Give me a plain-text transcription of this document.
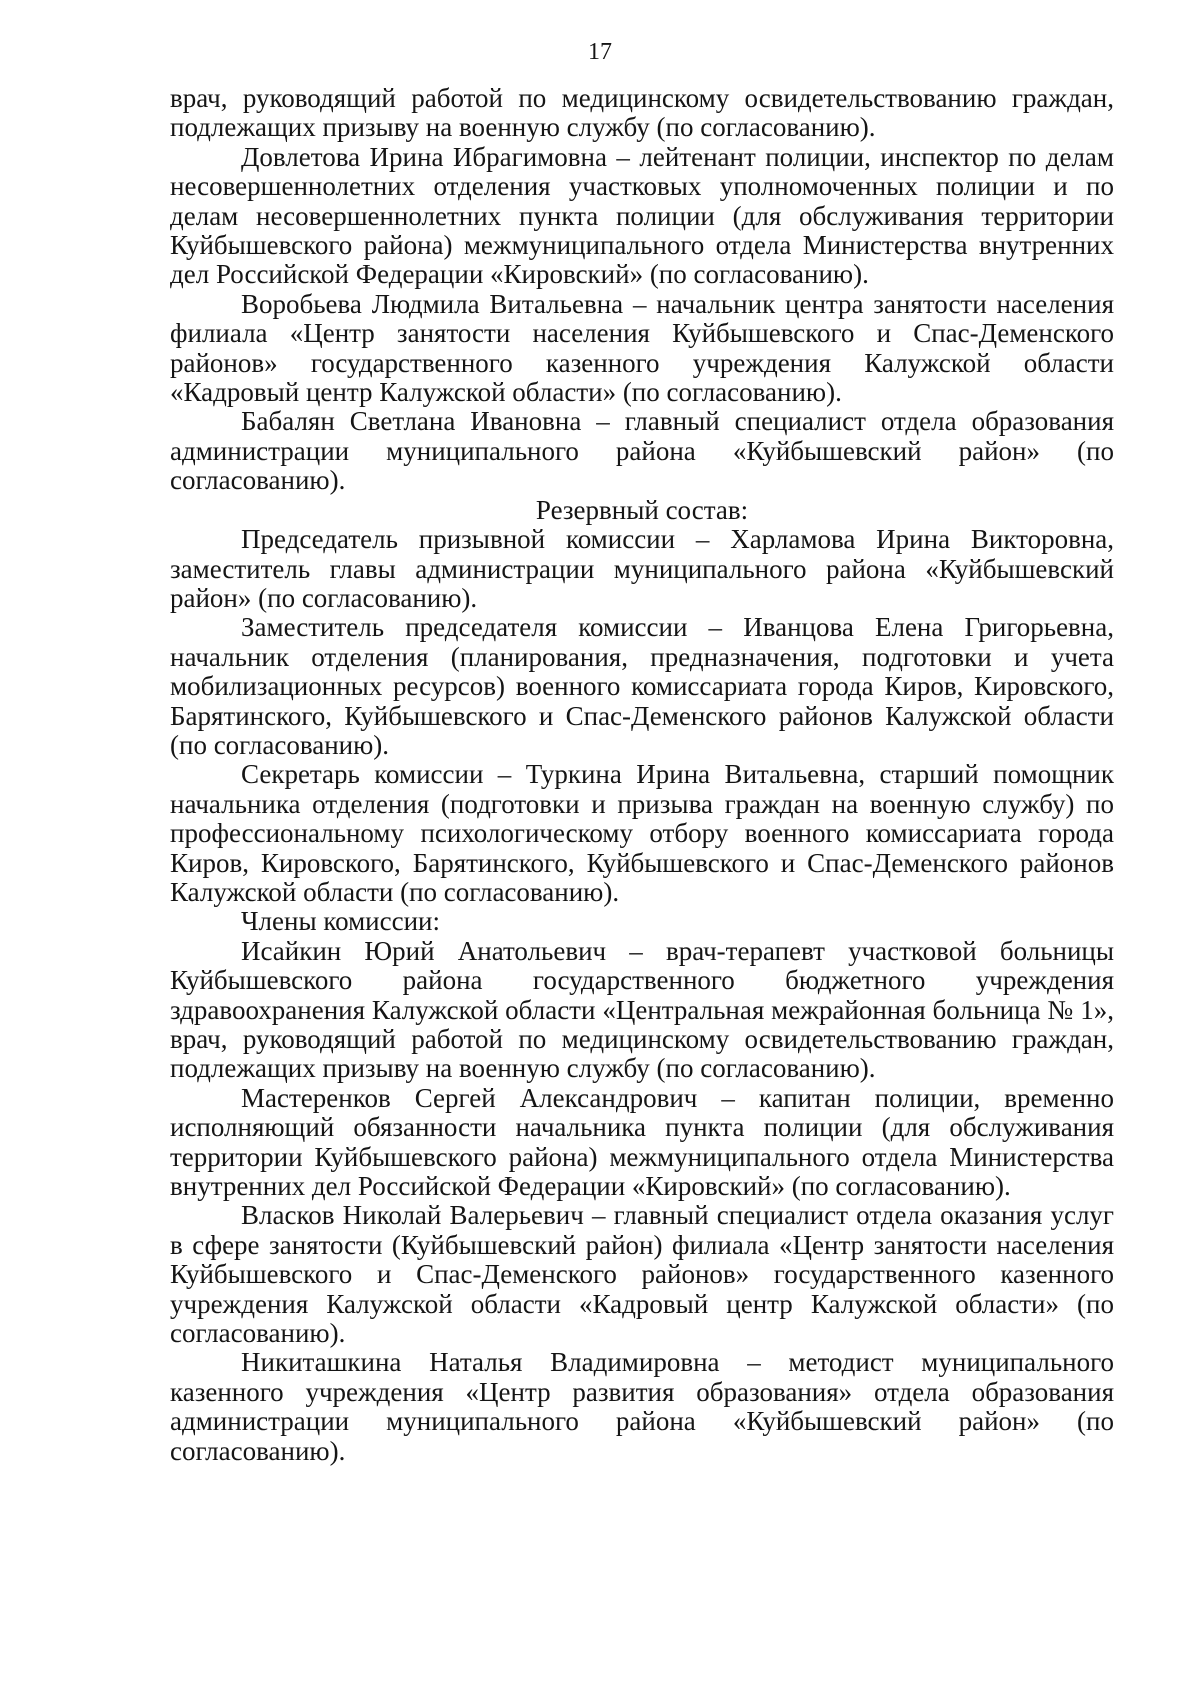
17

врач, руководящий работой по медицинскому освидетельствованию граждан, подлежащих призыву на военную службу (по согласованию).

Довлетова Ирина Ибрагимовна – лейтенант полиции, инспектор по делам несовершеннолетних отделения участковых уполномоченных полиции и по делам несовершеннолетних пункта полиции (для обслуживания территории Куйбышевского района) межмуниципального отдела Министерства внутренних дел Российской Федерации «Кировский» (по согласованию).

Воробьева Людмила Витальевна – начальник центра занятости населения филиала «Центр занятости населения Куйбышевского и Спас-Деменского районов» государственного казенного учреждения Калужской области «Кадровый центр Калужской области» (по согласованию).

Бабалян Светлана Ивановна – главный специалист отдела образования администрации муниципального района «Куйбышевский район» (по согласованию).

Резервный состав:

Председатель призывной комиссии – Харламова Ирина Викторовна, заместитель главы администрации муниципального района «Куйбышевский район» (по согласованию).

Заместитель председателя комиссии – Иванцова Елена Григорьевна, начальник отделения (планирования, предназначения, подготовки и учета мобилизационных ресурсов) военного комиссариата города Киров, Кировского, Барятинского, Куйбышевского и Спас-Деменского районов Калужской области (по согласованию).

Секретарь комиссии – Туркина Ирина Витальевна, старший помощник начальника отделения (подготовки и призыва граждан на военную службу) по профессиональному психологическому отбору военного комиссариата города Киров, Кировского, Барятинского, Куйбышевского и Спас-Деменского районов Калужской области (по согласованию).

Члены комиссии:

Исайкин Юрий Анатольевич – врач-терапевт участковой больницы Куйбышевского района государственного бюджетного учреждения здравоохранения Калужской области «Центральная межрайонная больница № 1», врач, руководящий работой по медицинскому освидетельствованию граждан, подлежащих призыву на военную службу (по согласованию).

Мастеренков Сергей Александрович – капитан полиции, временно исполняющий обязанности начальника пункта полиции (для обслуживания территории Куйбышевского района) межмуниципального отдела Министерства внутренних дел Российской Федерации «Кировский» (по согласованию).

Власков Николай Валерьевич – главный специалист отдела оказания услуг в сфере занятости (Куйбышевский район) филиала «Центр занятости населения Куйбышевского и Спас-Деменского районов» государственного казенного учреждения Калужской области «Кадровый центр Калужской области» (по согласованию).

Никиташкина Наталья Владимировна – методист муниципального казенного учреждения «Центр развития образования» отдела образования администрации муниципального района «Куйбышевский район» (по согласованию).
